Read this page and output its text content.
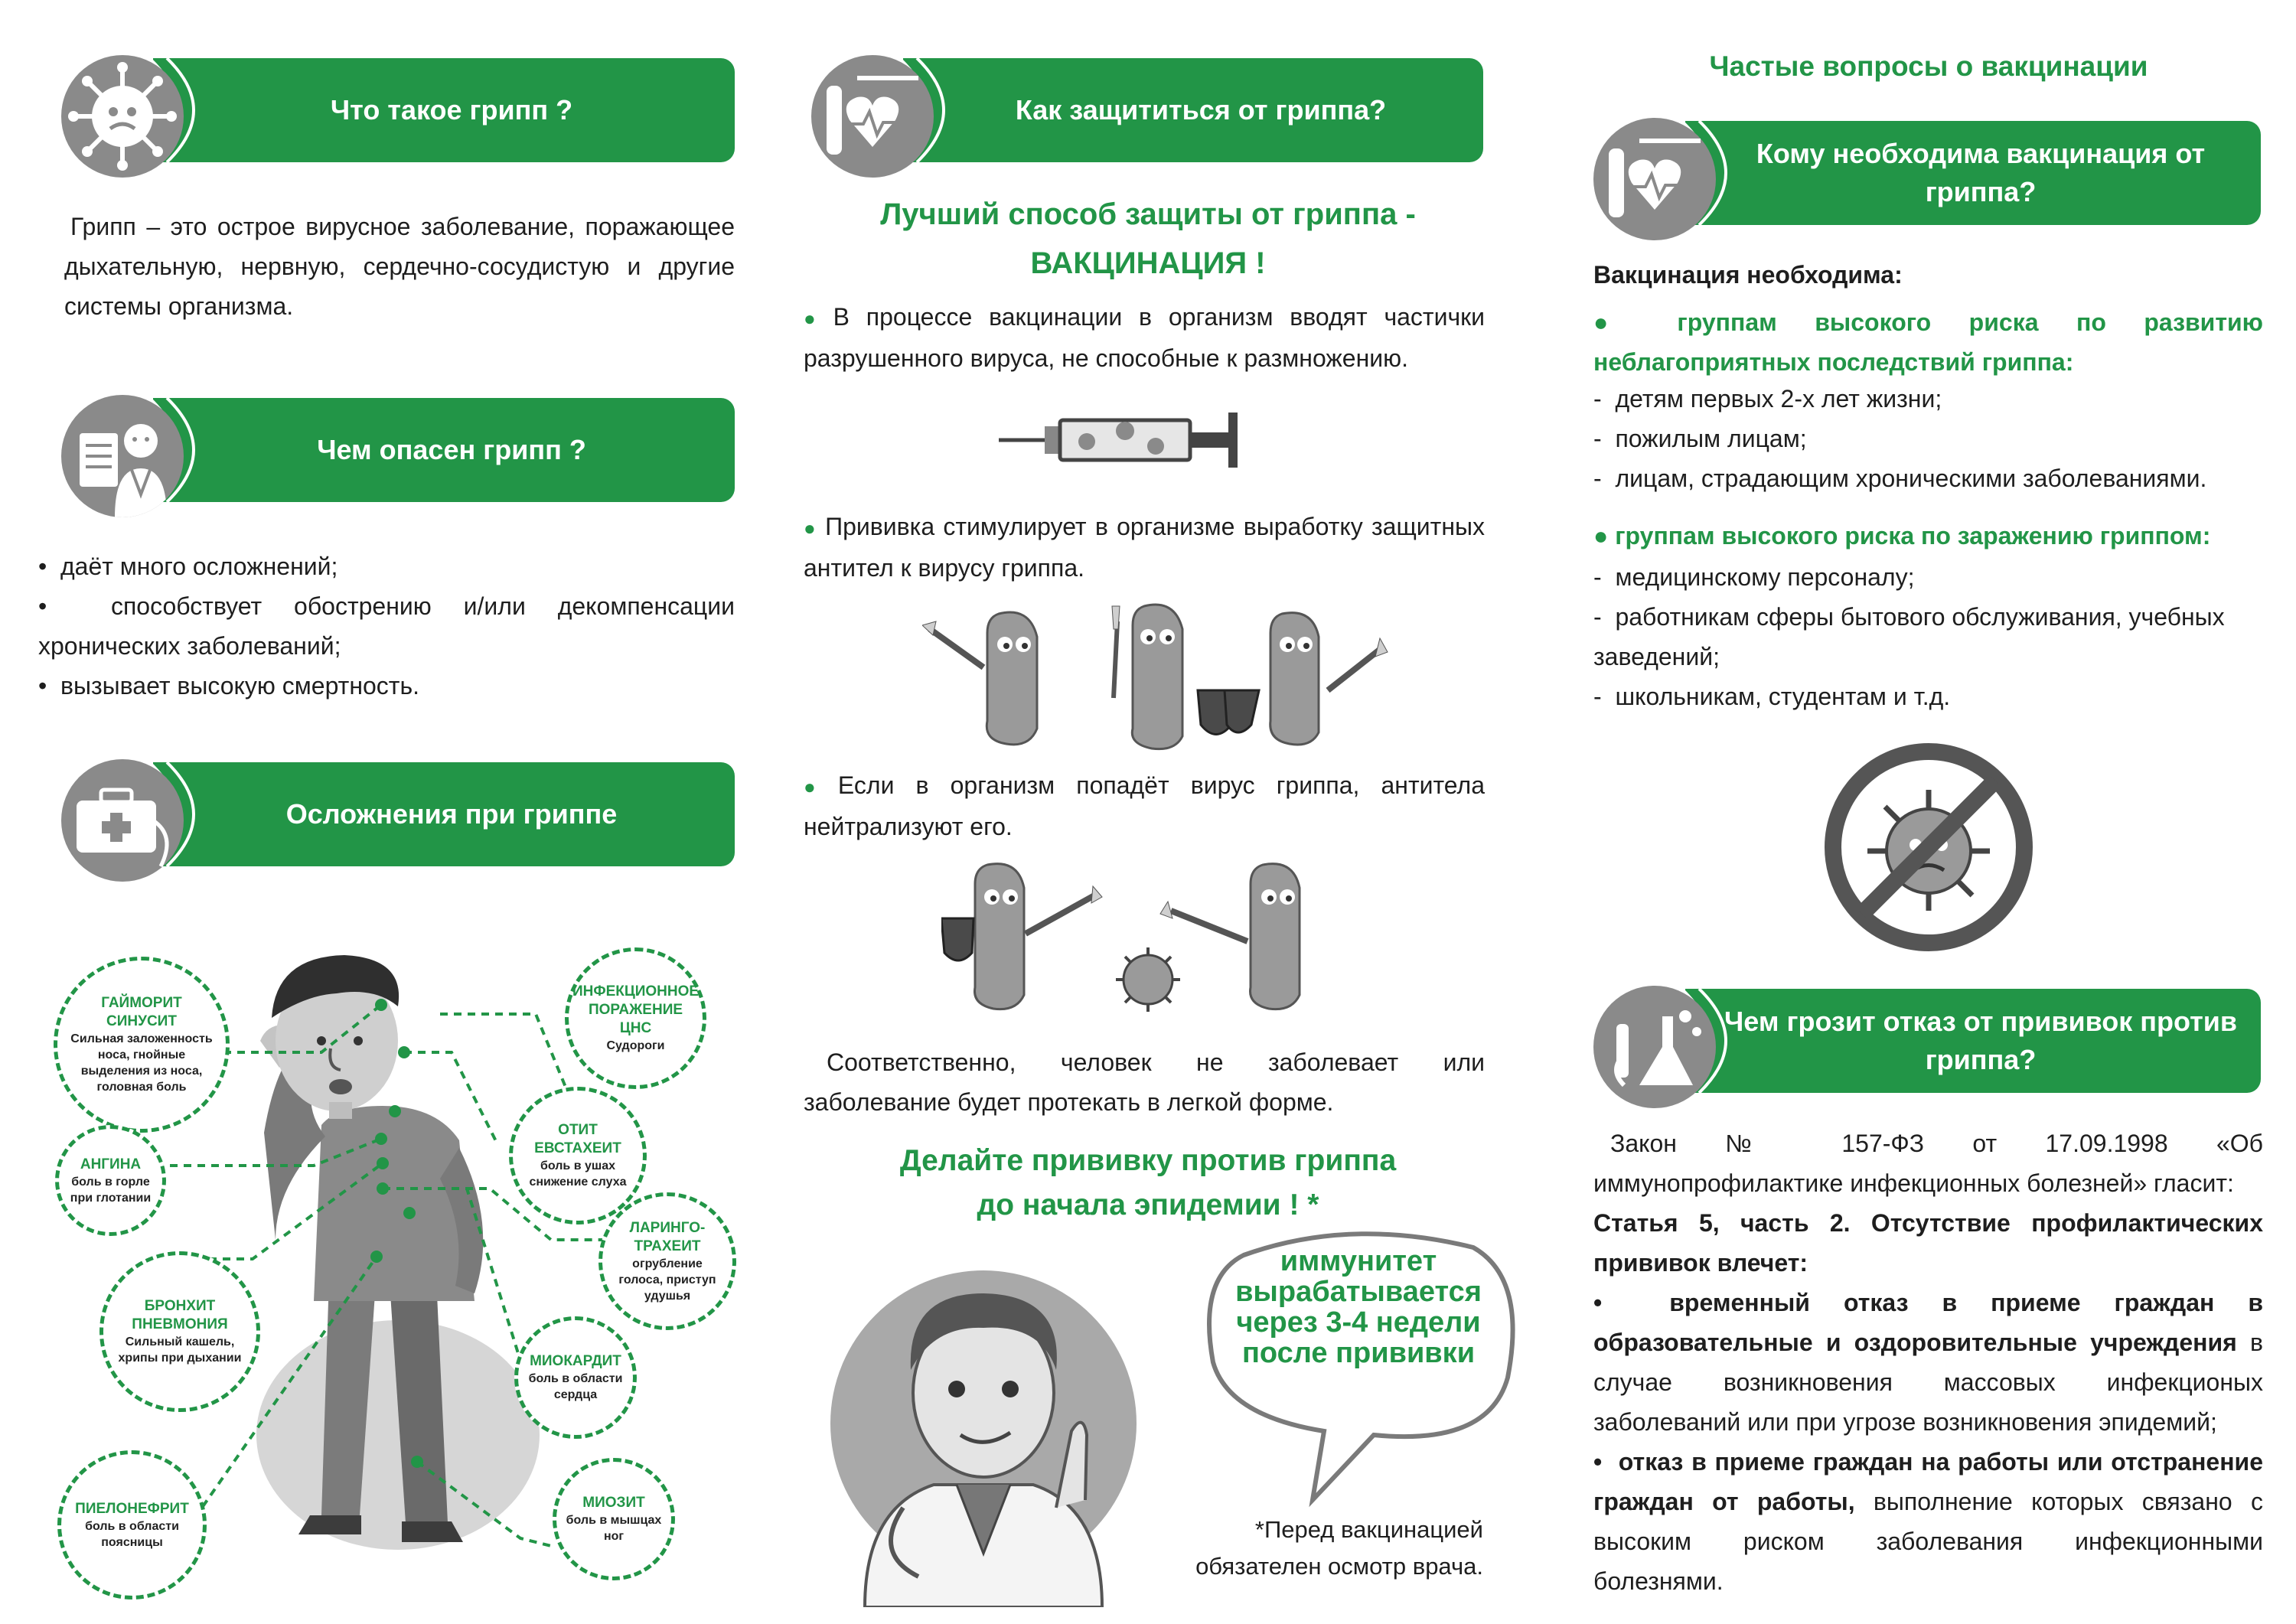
Что такое грипп ?
Грипп – это острое вирусное заболевание, поражающее дыхательную, нервную, сердечно-сосудистую и другие системы организма.
Чем опасен грипп ?
•  даёт много осложнений;
•  способствует обострению и/или декомпенсации хронических заболеваний;
•  вызывает высокую смертность.
Осложнения при гриппе
ГАЙМОРИТ СИНУСИТ
Сильная заложенность носа, гнойные выделения из носа, головная боль
АНГИНА
боль в горле при глотании
БРОНХИТ ПНЕВМОНИЯ
Сильный кашель, хрипы при дыхании
ПИЕЛОНЕФРИТ
боль в области поясницы
ИНФЕКЦИОННОЕ ПОРАЖЕНИЕ ЦНС
Судороги
ОТИТ ЕВСТАХЕИТ
боль в ушах снижение слуха
ЛАРИНГО-ТРАХЕИТ
огрубление голоса, приступ удушья
МИОКАРДИТ
боль в области сердца
МИОЗИТ
боль в мышцах ног
Как защититься от гриппа?
Лучший способ защиты от гриппа -
ВАКЦИНАЦИЯ !
● В процессе вакцинации в организм вводят частички разрушенного вируса, не способные к размножению.
● Прививка стимулирует в организме выработку защитных антител к вирусу гриппа.
● Если в организм попадёт вирус гриппа, антитела нейтрализуют его.
Соответственно, человек не заболевает или заболевание будет протекать в легкой форме.
Делайте прививку против гриппа
до начала эпидемии ! *
иммунитет вырабатывается через 3-4 недели после прививки
*Перед вакцинацией
обязателен осмотр врача.
Частые вопросы о вакцинации
Кому необходима вакцинация от гриппа?
Вакцинация необходима:
● группам высокого риска по развитию неблагоприятных последствий гриппа:
-  детям первых 2-х лет жизни;
-  пожилым лицам;
-  лицам, страдающим хроническими заболеваниями.
● группам высокого риска по заражению гриппом:
-  медицинскому персоналу;
-  работникам сферы бытового обслуживания, учебных заведений;
-  школьникам, студентам и т.д.
Чем грозит отказ от прививок против гриппа?
Закон № 157-ФЗ от 17.09.1998 «Об иммунопрофилактике инфекционных болезней» гласит:
Статья 5, часть 2. Отсутствие профилактических прививок влечет:
•  временный отказ в приеме граждан в образовательные и оздоровительные учреждения в случае возникновения массовых инфекционых заболеваний или при угрозе возникновения эпидемий;
•  отказ в приеме граждан на работы или отстранение граждан от работы, выполнение которых связано с высоким риском заболевания инфекционными болезнями.
